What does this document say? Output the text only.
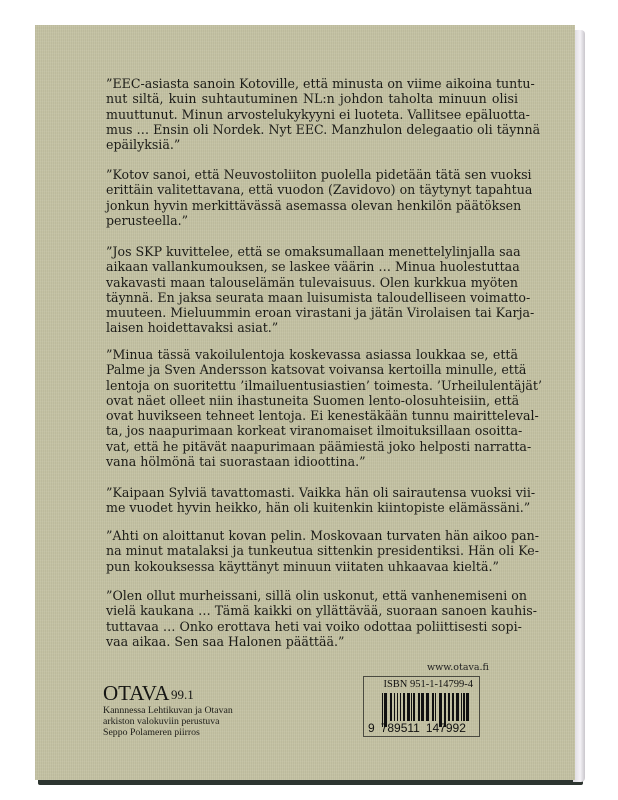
”EEC-asiasta sanoin Kotoville, että minusta on viime aikoina tuntu-
nut siltä, kuin suhtautuminen NL:n johdon taholta minuun olisi
muuttunut. Minun arvostelukykyyni ei luoteta. Vallitsee epäluotta-
mus … Ensin oli Nordek. Nyt EEC. Manzhulon delegaatio oli täynnä
epäilyksiä.”
”Kotov sanoi, että Neuvostoliiton puolella pidetään tätä sen vuoksi
erittäin valitettavana, että vuodon (Zavidovo) on täytynyt tapahtua
jonkun hyvin merkittävässä asemassa olevan henkilön päätöksen
perusteella.”
”Jos SKP kuvittelee, että se omaksumallaan menettelylinjalla saa
aikaan vallankumouksen, se laskee väärin … Minua huolestuttaa
vakavasti maan talouselämän tulevaisuus. Olen kurkkua myöten
täynnä. En jaksa seurata maan luisumista taloudelliseen voimatto-
muuteen. Mieluummin eroan virastani ja jätän Virolaisen tai Karja-
laisen hoidettavaksi asiat.”
”Minua tässä vakoilulentoja koskevassa asiassa loukkaa se, että
Palme ja Sven Andersson katsovat voivansa kertoilla minulle, että
lentoja on suoritettu ’ilmailuentusiastien’ toimesta. ’Urheilulentäjät’
ovat näet olleet niin ihastuneita Suomen lento-olosuhteisiin, että
ovat huvikseen tehneet lentoja. Ei kenestäkään tunnu mairitteleval-
ta, jos naapurimaan korkeat viranomaiset ilmoituksillaan osoitta-
vat, että he pitävät naapurimaan päämiestä joko helposti narratta-
vana hölmönä tai suorastaan idioottina.”
”Kaipaan Sylviä tavattomasti. Vaikka hän oli sairautensa vuoksi vii-
me vuodet hyvin heikko, hän oli kuitenkin kiintopiste elämässäni.”
”Ahti on aloittanut kovan pelin. Moskovaan turvaten hän aikoo pan-
na minut matalaksi ja tunkeutua sittenkin presidentiksi. Hän oli Ke-
pun kokouksessa käyttänyt minuun viitaten uhkaavaa kieltä.”
”Olen ollut murheissani, sillä olin uskonut, että vanhenemiseni on
vielä kaukana … Tämä kaikki on yllättävää, suoraan sanoen kauhis-
tuttavaa … Onko erottava heti vai voiko odottaa poliittisesti sopi-
vaa aikaa. Sen saa Halonen päättää.”
www.otava.fi
ISBN 951-1-14799-4
9 789511 147992
OTAVA 99.1
Kannnessa Lehtikuvan ja Otavan
arkiston valokuviin perustuva
Seppo Polameren piirros
